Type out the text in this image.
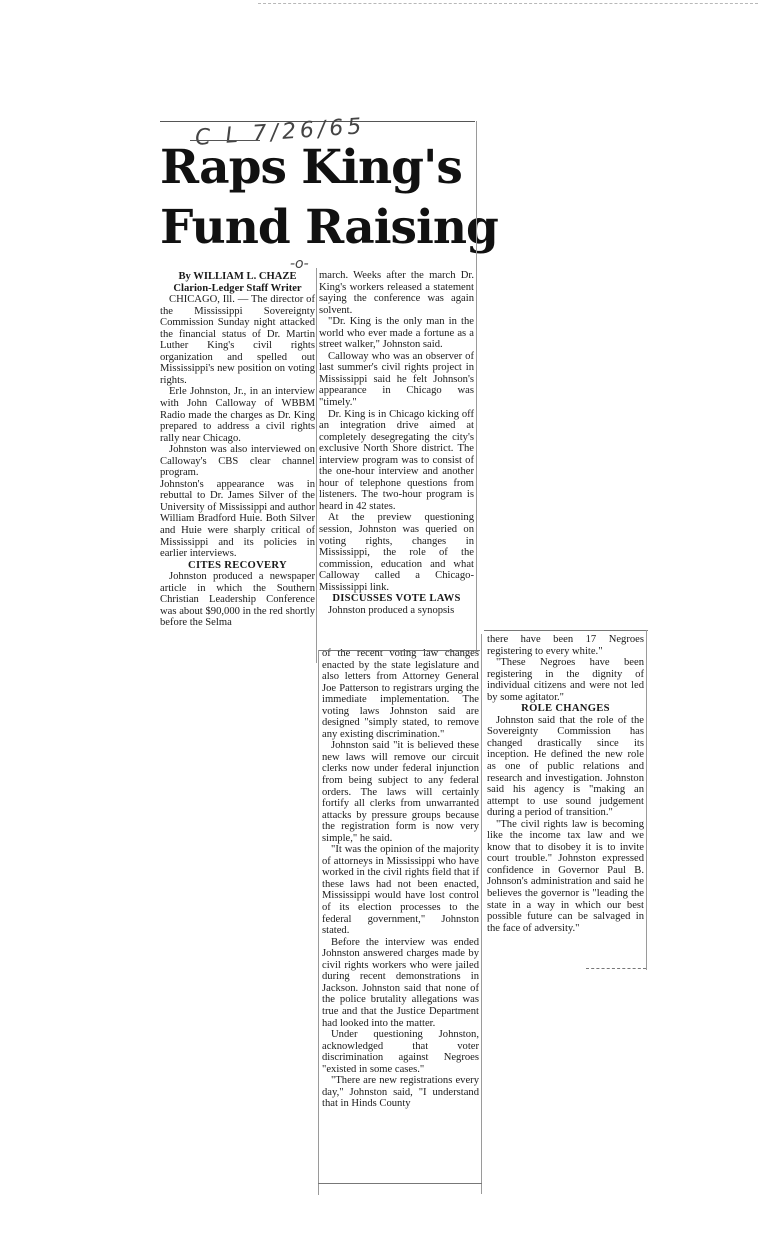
C L 7/26/65
Raps King's
Fund Raising
-o-

By WILLIAM L. CHAZE

Clarion-Ledger Staff Writer

CHICAGO, Ill. — The director of the Mississippi Sovereignty Commission Sunday night attacked the financial status of Dr. Martin Luther King's civil rights organization and spelled out Mississippi's new position on voting rights.

Erle Johnston, Jr., in an interview with John Calloway of WBBM Radio made the charges as Dr. King prepared to address a civil rights rally near Chicago.

Johnston was also interviewed on Calloway's CBS clear channel program.

Johnston's appearance was in rebuttal to Dr. James Silver of the University of Mississippi and author William Bradford Huie. Both Silver and Huie were sharply critical of Mississippi and its policies in earlier interviews.

CITES RECOVERY

Johnston produced a newspaper article in which the Southern Christian Leadership Conference was about $90,000 in the red shortly before the Selma

march. Weeks after the march Dr. King's workers released a statement saying the conference was again solvent.

"Dr. King is the only man in the world who ever made a fortune as a street walker," Johnston said.

Calloway who was an observer of last summer's civil rights project in Mississippi said he felt Johnson's appearance in Chicago was "timely."

Dr. King is in Chicago kicking off an integration drive aimed at completely desegregating the city's exclusive North Shore district. The interview program was to consist of the one-hour interview and another hour of telephone questions from listeners. The two-hour program is heard in 42 states.

At the preview questioning session, Johnston was queried on voting rights, changes in Mississippi, the role of the commission, education and what Calloway called a Chicago-Mississippi link.

DISCUSSES VOTE LAWS

Johnston produced a synopsis

of the recent voting law changes enacted by the state legislature and also letters from Attorney General Joe Patterson to registrars urging the immediate implementation. The voting laws Johnston said are designed "simply stated, to remove any existing discrimination."

Johnston said "it is believed these new laws will remove our circuit clerks now under federal injunction from being subject to any federal orders. The laws will certainly fortify all clerks from unwarranted attacks by pressure groups because the registration form is now very simple," he said.

"It was the opinion of the majority of attorneys in Mississippi who have worked in the civil rights field that if these laws had not been enacted, Mississippi would have lost control of its election processes to the federal government," Johnston stated.

Before the interview was ended Johnston answered charges made by civil rights workers who were jailed during recent demonstrations in Jackson. Johnston said that none of the police brutality allegations was true and that the Justice Department had looked into the matter.

Under questioning Johnston, acknowledged that voter discrimination against Negroes "existed in some cases."

"There are new registrations every day," Johnston said, "I understand that in Hinds County

there have been 17 Negroes registering to every white."

"These Negroes have been registering in the dignity of individual citizens and were not led by some agitator."

ROLE CHANGES

Johnston said that the role of the Sovereignty Commission has changed drastically since its inception. He defined the new role as one of public relations and research and investigation. Johnston said his agency is "making an attempt to use sound judgement during a period of transition."

"The civil rights law is becoming like the income tax law and we know that to disobey it is to invite court trouble." Johnston expressed confidence in Governor Paul B. Johnson's administration and said he believes the governor is "leading the state in a way in which our best possible future can be salvaged in the face of adversity."
